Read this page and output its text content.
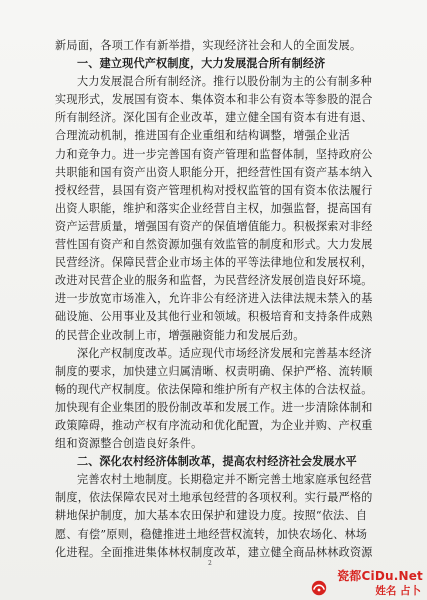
新局面，各项工作有新举措，实现经济社会和人的全面发展。
一、建立现代产权制度，大力发展混合所有制经济
大力发展混合所有制经济。推行以股份制为主的公有制多种
实现形式，发展国有资本、集体资本和非公有资本等参股的混合
所有制经济。深化国有企业改革，建立健全国有资本有进有退、
合理流动机制，推进国有企业重组和结构调整，增强企业活
力和竞争力。进一步完善国有资产管理和监督体制，坚持政府公
共职能和国有资产出资人职能分开，把经营性国有资产基本纳入
授权经营，县国有资产管理机构对授权监管的国有资本依法履行
出资人职能，维护和落实企业经营自主权，加强监督，提高国有
资产运营质量，增强国有资产的保值增值能力。积极探索对非经
营性国有资产和自然资源加强有效监管的制度和形式。大力发展
民营经济。保障民营企业市场主体的平等法律地位和发展权利，
改进对民营企业的服务和监督，为民营经济发展创造良好环境。
进一步放宽市场准入，允许非公有经济进入法律法规未禁入的基
础设施、公用事业及其他行业和领域。积极培育和支持条件成熟
的民营企业改制上市，增强融资能力和发展后劲。
深化产权制度改革。适应现代市场经济发展和完善基本经济
制度的要求，加快建立归属清晰、权责明确、保护严格、流转顺
畅的现代产权制度。依法保障和维护所有产权主体的合法权益。
加快现有企业集团的股份制改革和发展工作。进一步清除体制和
政策障碍，推动产权有序流动和优化配置，为企业并购、产权重
组和资源整合创造良好条件。
二、深化农村经济体制改革，提高农村经济社会发展水平
完善农村土地制度。长期稳定并不断完善土地家庭承包经营
制度，依法保障农民对土地承包经营的各项权利。实行最严格的
耕地保护制度，加大基本农田保护和建设力度。按照“依法、自
愿、有偿”原则，稳健推进土地经营权流转，加快农场化、林场
化进程。全面推进集体林权制度改革，建立健全商品林林政资源
2
瓷都CiDu.Net
姓名 占卜
